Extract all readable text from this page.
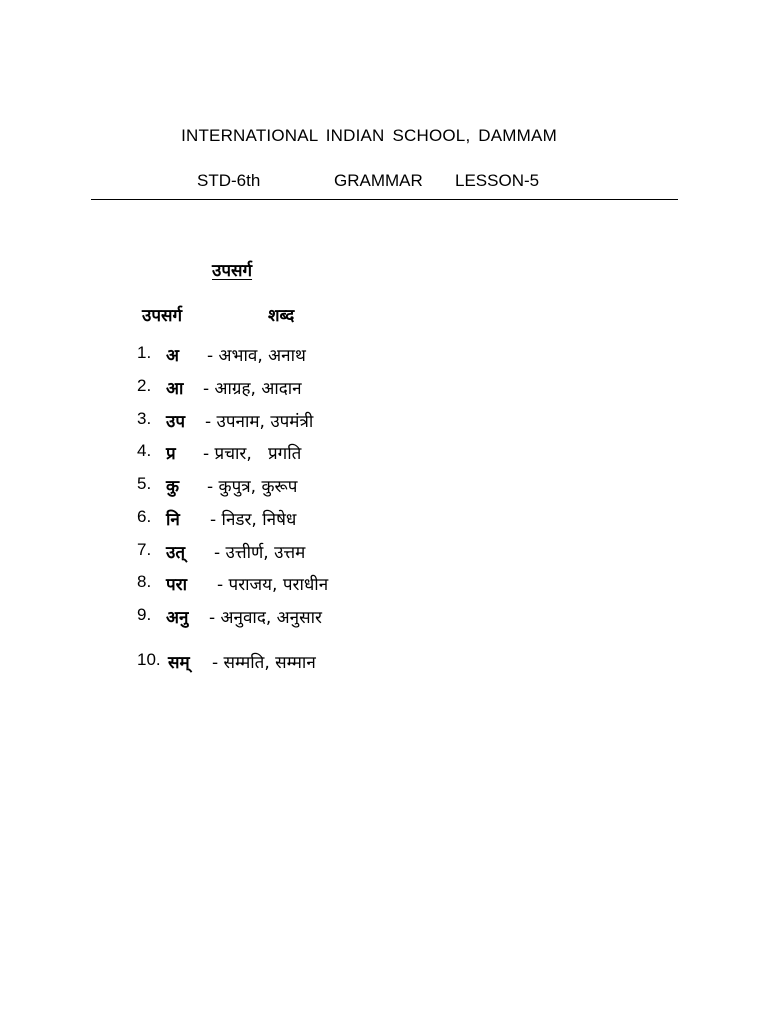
INTERNATIONAL INDIAN SCHOOL, DAMMAM
STD-6th	GRAMMAR LESSON-5
उपसर्ग
उपसर्ग	शब्द
1. अ - अभाव, अनाथ
2. आ - आग्रह, आदान
3. उप - उपनाम, उपमंत्री
4. प्र - प्रचार,   प्रगति
5. कु - कुपुत्र, कुरूप
6. नि - निडर, निषेध
7. उत् - उत्तीर्ण, उत्तम
8. परा - पराजय, पराधीन
9. अनु - अनुवाद, अनुसार
10. सम् - सम्मति, सम्मान
